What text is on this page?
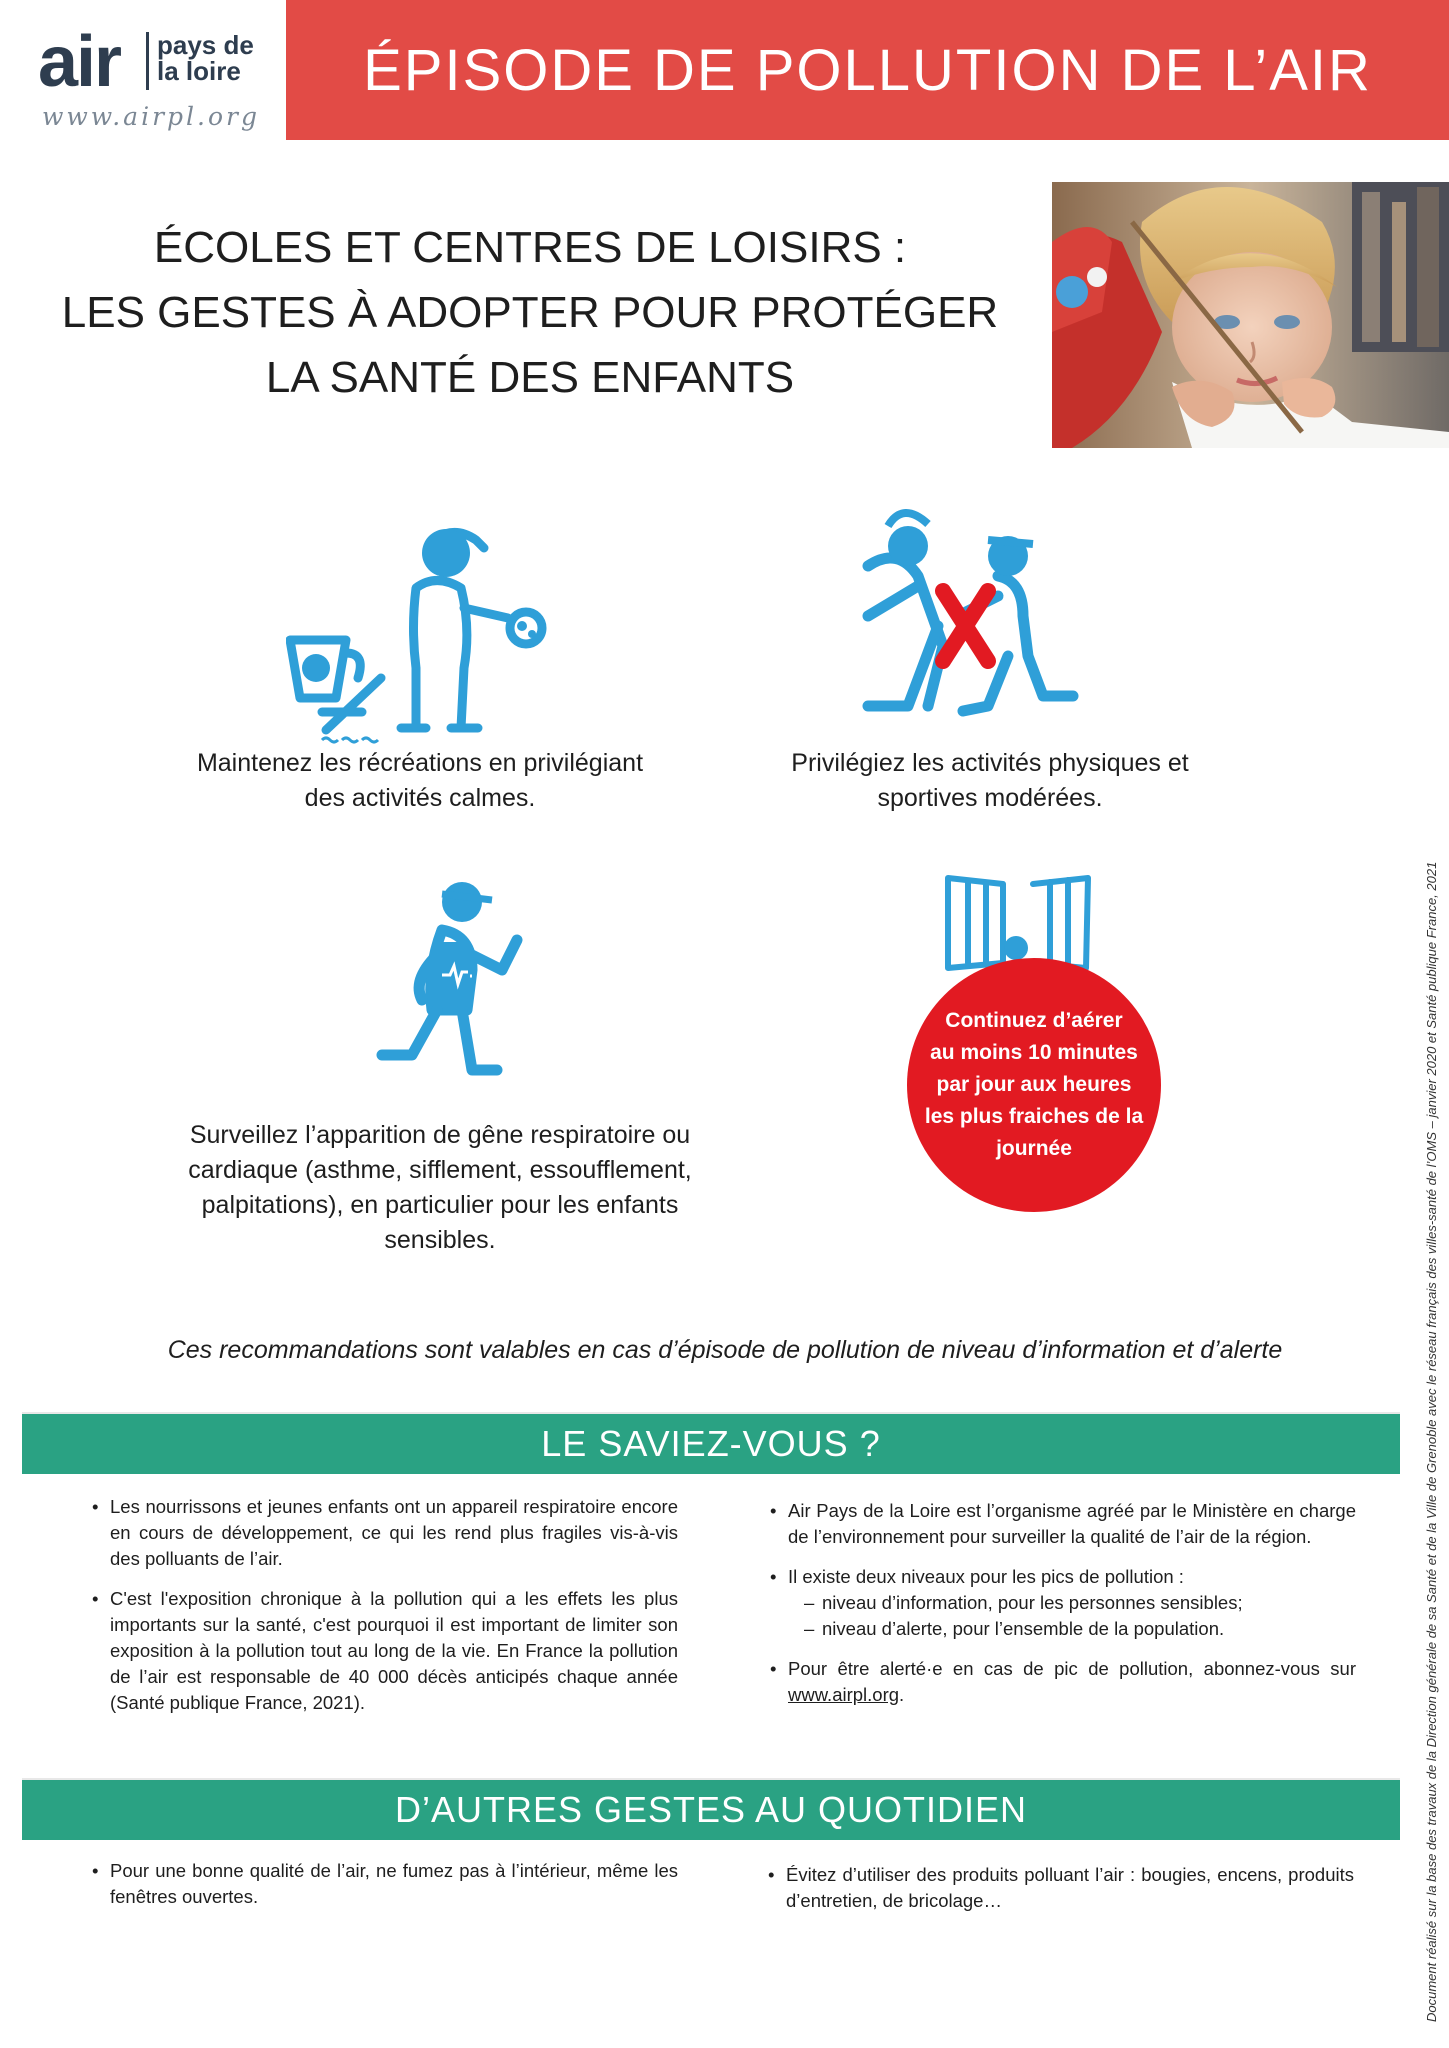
air pays de
la loire
www.airpl.org
ÉPISODE DE POLLUTION DE L’AIR
ÉCOLES ET CENTRES DE LOISIRS :
LES GESTES À ADOPTER POUR PROTÉGER
LA SANTÉ DES ENFANTS
Maintenez les récréations en privilégiant
des activités calmes.
Privilégiez les activités physiques et
sportives modérées.
Surveillez l’apparition de gêne respiratoire ou
cardiaque (asthme, sifflement, essoufflement,
palpitations), en particulier pour les enfants
sensibles.
Continuez d’aérer
au moins 10 minutes
par jour aux heures
les plus fraiches de la
journée
Ces recommandations sont valables en cas d’épisode de pollution de niveau d’information et d’alerte
LE SAVIEZ-VOUS ?
• Les nourrissons et jeunes enfants ont un appareil respiratoire encore en cours de développement, ce qui les rend plus fragiles vis-à-vis des polluants de l’air.
• C'est l'exposition chronique à la pollution qui a les effets les plus importants sur la santé, c'est pourquoi il est important de limiter son exposition à la pollution tout au long de la vie. En France la pollution de l’air est responsable de 40 000 décès anticipés chaque année (Santé publique France, 2021).
• Air Pays de la Loire est l’organisme agréé par le Ministère en charge de l’environnement pour surveiller la qualité de l’air de la région.
• Il existe deux niveaux pour les pics de pollution :
– niveau d’information, pour les personnes sensibles;
– niveau d’alerte, pour l’ensemble de la population.
• Pour être alerté·e en cas de pic de pollution, abonnez-vous sur www.airpl.org.
D’AUTRES GESTES AU QUOTIDIEN
• Pour une bonne qualité de l’air, ne fumez pas à l’intérieur, même les fenêtres ouvertes.
• Évitez d’utiliser des produits polluant l’air : bougies, encens, produits d’entretien, de bricolage…	Document réalisé sur la base des travaux de la Direction générale de sa Santé et de la Ville de Grenoble avec le réseau français des villes-santé de l’OMS – janvier 2020 et Santé publique France, 2021
